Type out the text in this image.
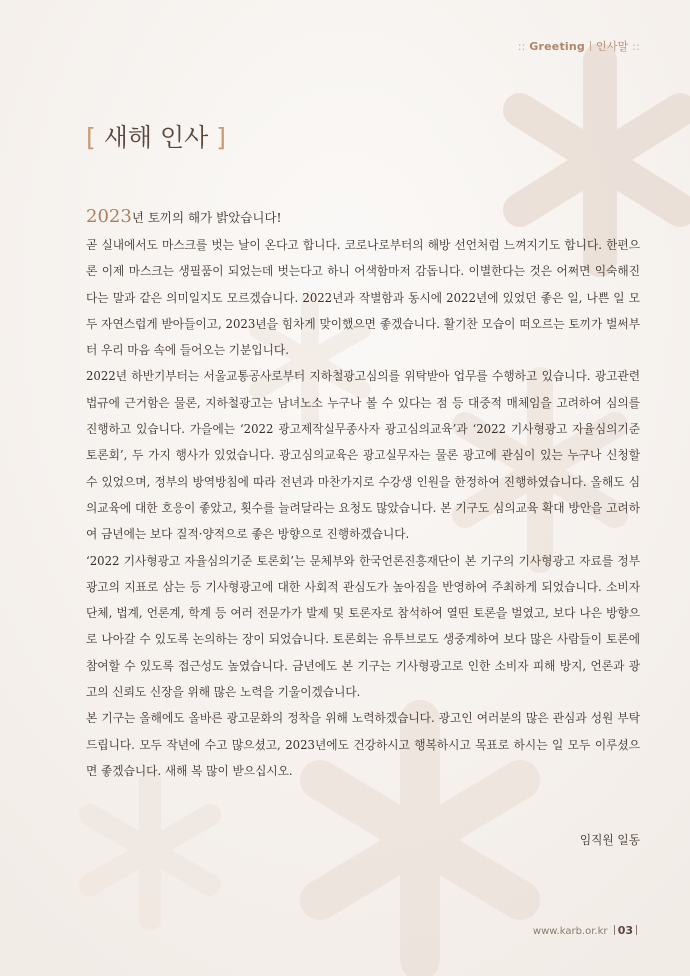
:: Greeting 인사말 ::
[ 새해 인사 ]
2023년 토끼의 해가 밝았습니다!

곧 실내에서도 마스크를 벗는 날이 온다고 합니다. 코로나로부터의 해방 선언처럼 느껴지기도 합니다. 한편으론 이제 마스크는 생필품이 되었는데 벗는다고 하니 어색함마저 감돕니다. 이별한다는 것은 어쩌면 익숙해진다는 말과 같은 의미일지도 모르겠습니다. 2022년과 작별함과 동시에 2022년에 있었던 좋은 일, 나쁜 일 모두 자연스럽게 받아들이고, 2023년을 힘차게 맞이했으면 좋겠습니다. 활기찬 모습이 떠오르는 토끼가 벌써부터 우리 마음 속에 들어오는 기분입니다.

2022년 하반기부터는 서울교통공사로부터 지하철광고심의를 위탁받아 업무를 수행하고 있습니다. 광고관련 법규에 근거함은 물론, 지하철광고는 남녀노소 누구나 볼 수 있다는 점 등 대중적 매체임을 고려하여 심의를 진행하고 있습니다. 가을에는 ‘2022 광고제작실무종사자 광고심의교육’과 ‘2022 기사형광고 자율심의기준 토론회’, 두 가지 행사가 있었습니다. 광고심의교육은 광고실무자는 물론 광고에 관심이 있는 누구나 신청할 수 있었으며, 정부의 방역방침에 따라 전년과 마찬가지로 수강생 인원을 한정하여 진행하였습니다. 올해도 심의교육에 대한 호응이 좋았고, 횟수를 늘려달라는 요청도 많았습니다. 본 기구도 심의교육 확대 방안을 고려하여 금년에는 보다 질적·양적으로 좋은 방향으로 진행하겠습니다.

‘2022 기사형광고 자율심의기준 토론회’는 문체부와 한국언론진흥재단이 본 기구의 기사형광고 자료를 정부광고의 지표로 삼는 등 기사형광고에 대한 사회적 관심도가 높아짐을 반영하여 주최하게 되었습니다. 소비자단체, 법계, 언론계, 학계 등 여러 전문가가 발제 및 토론자로 참석하여 열띤 토론을 벌였고, 보다 나은 방향으로 나아갈 수 있도록 논의하는 장이 되었습니다. 토론회는 유투브로도 생중계하여 보다 많은 사람들이 토론에 참여할 수 있도록 접근성도 높였습니다. 금년에도 본 기구는 기사형광고로 인한 소비자 피해 방지, 언론과 광고의 신뢰도 신장을 위해 많은 노력을 기울이겠습니다.

본 기구는 올해에도 올바른 광고문화의 정착을 위해 노력하겠습니다. 광고인 여러분의 많은 관심과 성원 부탁드립니다. 모두 작년에 수고 많으셨고, 2023년에도 건강하시고 행복하시고 목표로 하시는 일 모두 이루셨으면 좋겠습니다. 새해 복 많이 받으십시오.

임직원 일동
www.karb.or.kr 03
